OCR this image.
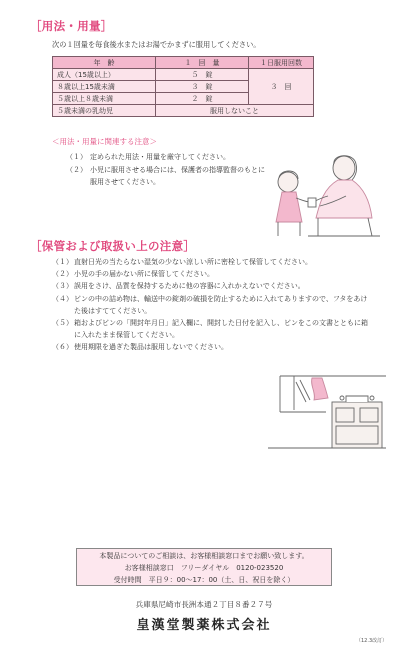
［用法・用量］
次の１回量を毎食後水またはお湯でかまずに服用してください。
年　齢	１　回　量	１日服用回数
成人（15歳以上）	５　錠	３　回
８歳以上15歳未満	３　錠	
５歳以上８歳未満	２　錠	
５歳未満の乳幼児	服用しないこと	
＜用法・用量に関連する注意＞
（１） 定められた用法・用量を厳守してください。
（２） 小児に服用させる場合には、保護者の指導監督のもとに服用させてください。
［保管および取扱い上の注意］
（１） 直射日光の当たらない湿気の少ない涼しい所に密栓して保管してください。
（２） 小児の手の届かない所に保管してください。
（３） 誤用をさけ、品質を保持するために他の容器に入れかえないでください。
（４） ビンの中の詰め物は、輸送中の錠剤の破損を防止するために入れてありますので、フタをあけた後はすててください。
（５） 箱およびビンの「開封年月日」記入欄に、開封した日付を記入し、ビンをこの文書とともに箱に入れたまま保管してください。
（６） 使用期限を過ぎた製品は服用しないでください。
本製品についてのご相談は、お客様相談窓口までお願い致します。
お客様相談窓口　フリーダイヤル　0120-023520
受付時間　平日９：00～17：00（土、日、祝日を除く）
兵庫県尼崎市長洲本通２丁目８番２７号
皇漢堂製薬株式会社
（12.3改訂）
